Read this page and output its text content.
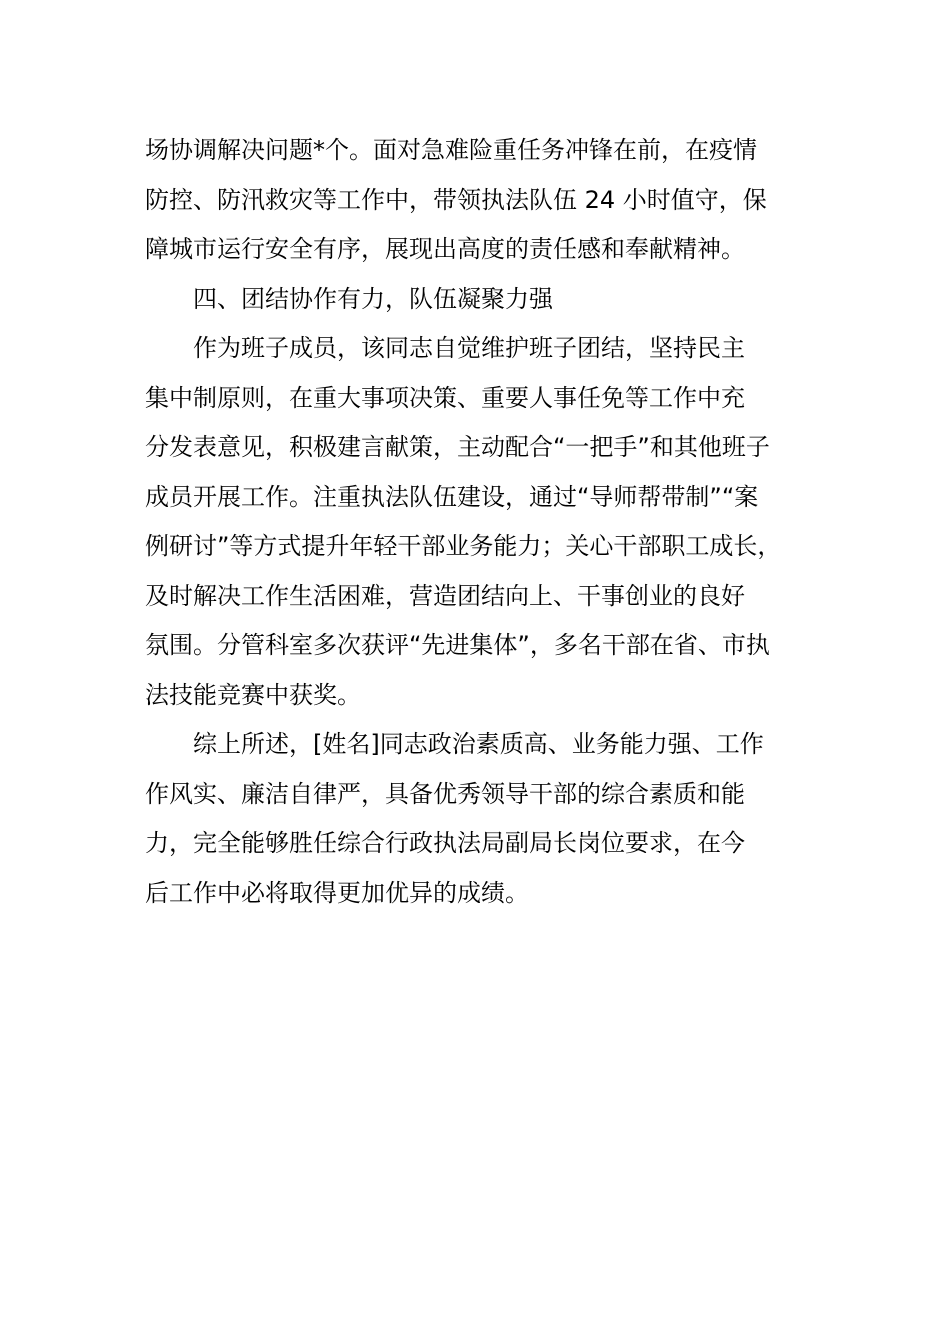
场协调解决问题*个。面对急难险重任务冲锋在前，在疫情
防控、防汛救灾等工作中，带领执法队伍 24 小时值守，保
障城市运行安全有序，展现出高度的责任感和奉献精神。
四、团结协作有力，队伍凝聚力强
作为班子成员，该同志自觉维护班子团结，坚持民主
集中制原则，在重大事项决策、重要人事任免等工作中充
分发表意见，积极建言献策，主动配合“一把手”和其他班子
成员开展工作。注重执法队伍建设，通过“导师帮带制”“案
例研讨”等方式提升年轻干部业务能力；关心干部职工成长，
及时解决工作生活困难，营造团结向上、干事创业的良好
氛围。分管科室多次获评“先进集体”，多名干部在省、市执
法技能竞赛中获奖。
综上所述，[姓名]同志政治素质高、业务能力强、工作
作风实、廉洁自律严，具备优秀领导干部的综合素质和能
力，完全能够胜任综合行政执法局副局长岗位要求，在今
后工作中必将取得更加优异的成绩。
